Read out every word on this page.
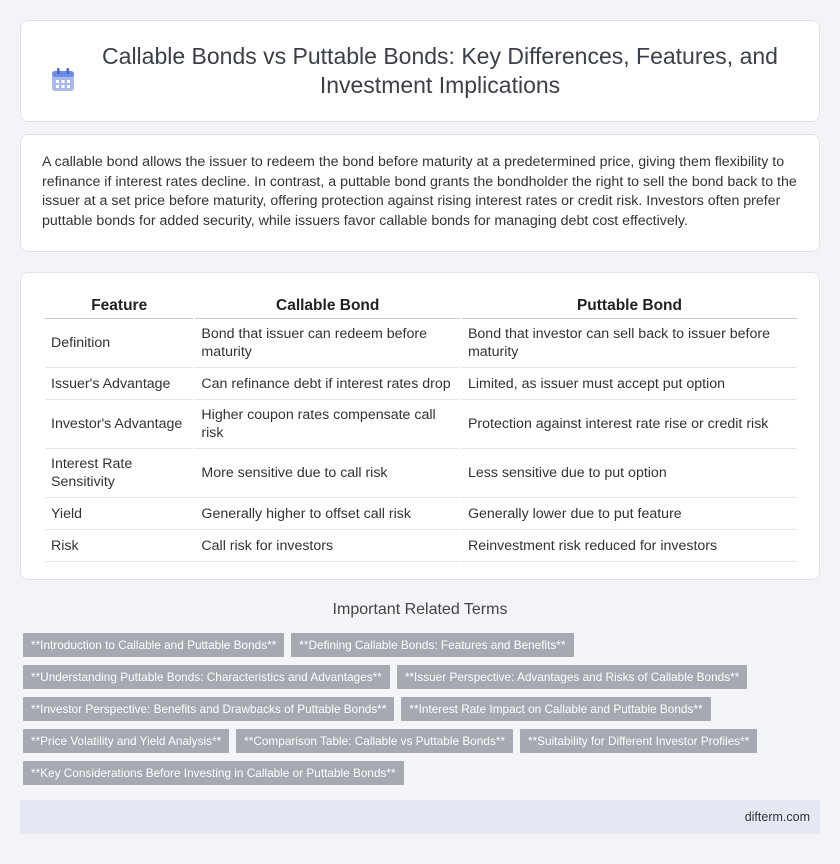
Callable Bonds vs Puttable Bonds: Key Differences, Features, and Investment Implications

A callable bond allows the issuer to redeem the bond before maturity at a predetermined price, giving them flexibility to refinance if interest rates decline. In contrast, a puttable bond grants the bondholder the right to sell the bond back to the issuer at a set price before maturity, offering protection against rising interest rates or credit risk. Investors often prefer puttable bonds for added security, while issuers favor callable bonds for managing debt cost effectively.

Feature	Callable Bond	Puttable Bond
Definition	Bond that issuer can redeem before maturity	Bond that investor can sell back to issuer before maturity
Issuer's Advantage	Can refinance debt if interest rates drop	Limited, as issuer must accept put option
Investor's Advantage	Higher coupon rates compensate call risk	Protection against interest rate rise or credit risk
Interest Rate Sensitivity	More sensitive due to call risk	Less sensitive due to put option
Yield	Generally higher to offset call risk	Generally lower due to put feature
Risk	Call risk for investors	Reinvestment risk reduced for investors
Important Related Terms
**Introduction to Callable and Puttable Bonds**	**Defining Callable Bonds: Features and Benefits**
**Understanding Puttable Bonds: Characteristics and Advantages**	**Issuer Perspective: Advantages and Risks of Callable Bonds**
**Investor Perspective: Benefits and Drawbacks of Puttable Bonds**	**Interest Rate Impact on Callable and Puttable Bonds**
**Price Volatility and Yield Analysis**	**Comparison Table: Callable vs Puttable Bonds**	**Suitability for Different Investor Profiles**
**Key Considerations Before Investing in Callable or Puttable Bonds**
difterm.com
